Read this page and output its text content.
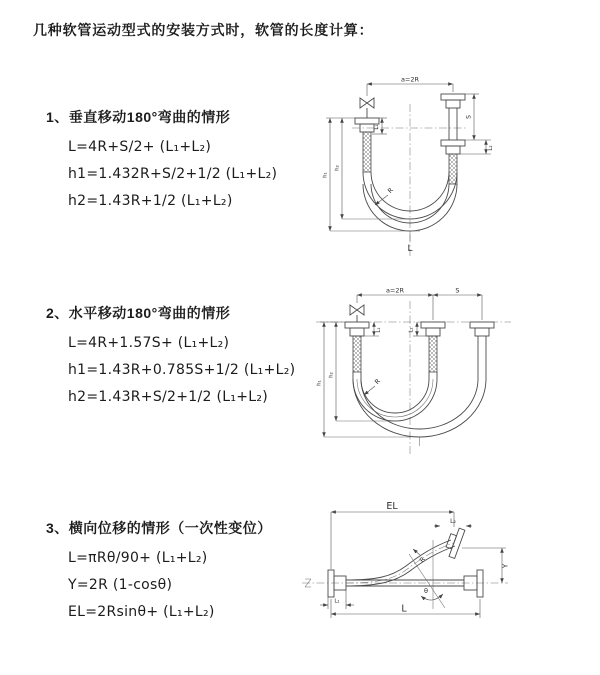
几种软管运动型式的安装方式时，软管的长度计算：
1、垂直移动180°弯曲的情形
L=4R+S/2+ (L₁+L₂)
h1=1.432R+S/2+1/2 (L₁+L₂)
h2=1.43R+1/2 (L₁+L₂)
2、水平移动180°弯曲的情形
L=4R+1.57S+ (L₁+L₂)
h1=1.43R+0.785S+1/2 (L₁+L₂)
h2=1.43R+S/2+1/2 (L₁+L₂)
3、横向位移的情形（一次性变位）
L=πRθ/90+ (L₁+L₂)
Y=2R (1-cosθ)
EL=2Rsinθ+ (L₁+L₂)
a=2R
S
L₂
L₁
h₂
h₁
R
L
a=2R	S
h₂
h₁
L₁	L₂
R
EL
L₂
Y
R
θ
L₁
L
